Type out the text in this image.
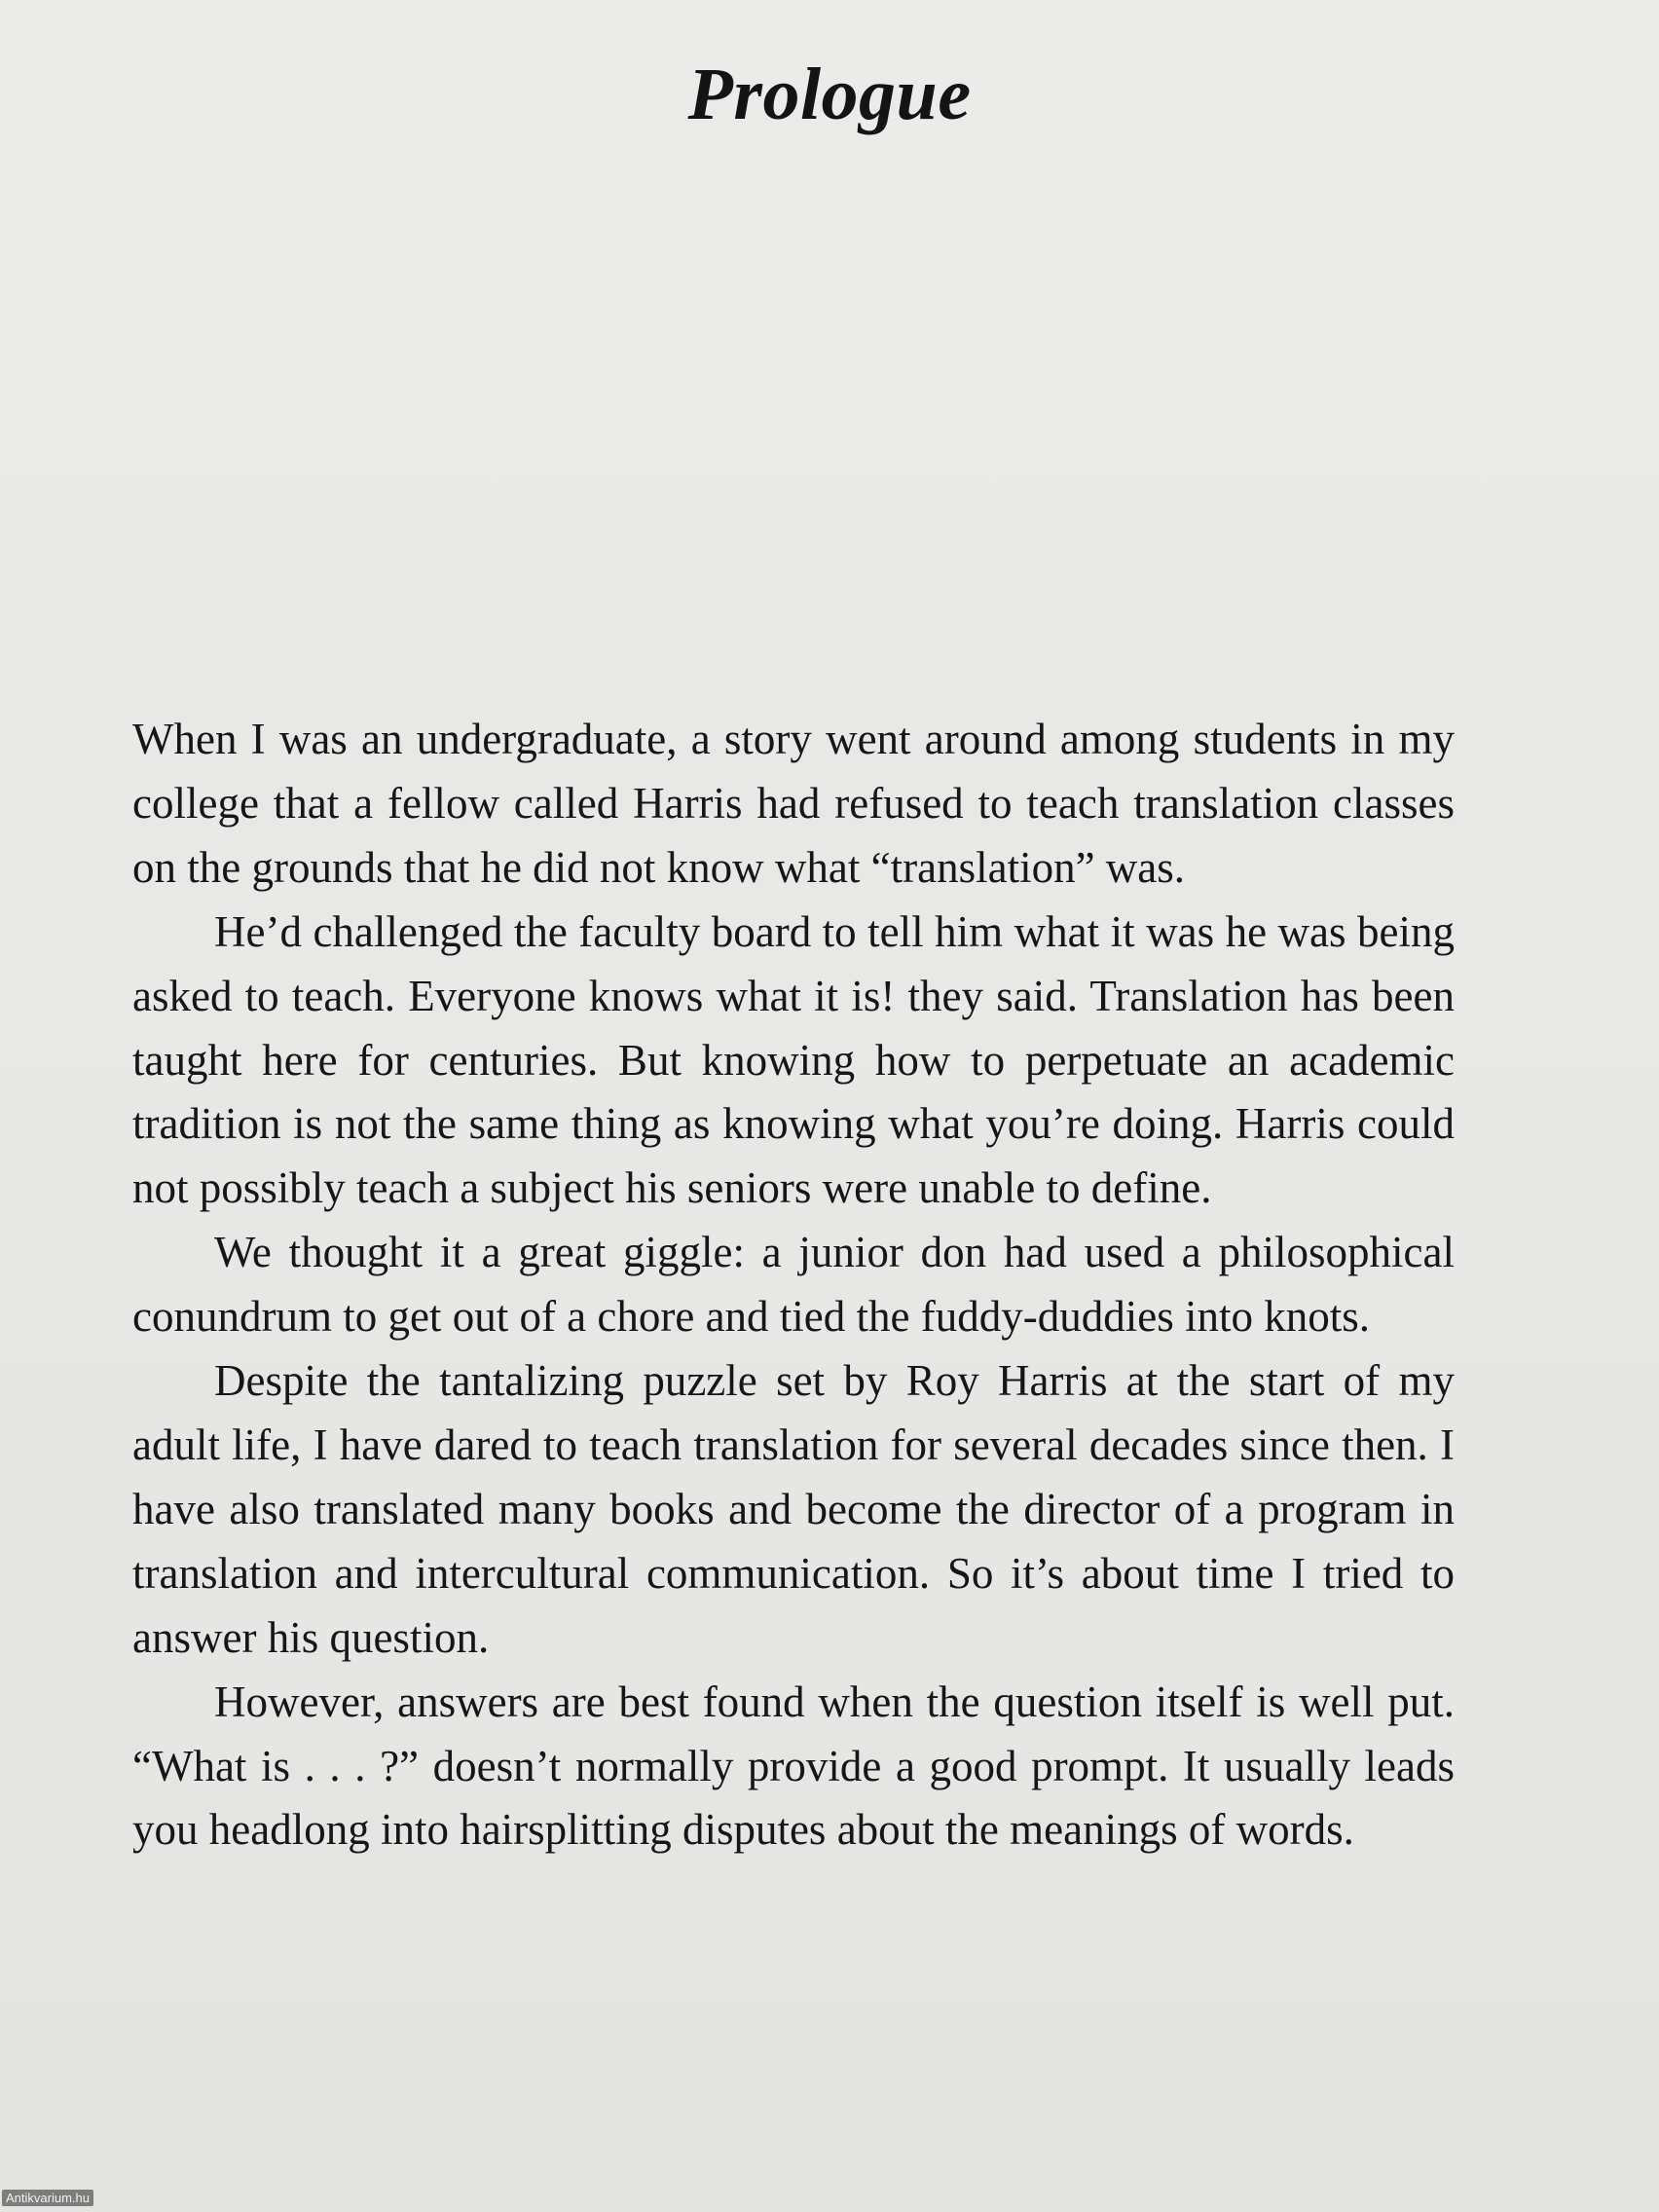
Prologue

When I was an undergraduate, a story went around among students in my college that a fellow called Harris had refused to teach translation classes on the grounds that he did not know what “translation” was.

He’d challenged the faculty board to tell him what it was he was being asked to teach. Everyone knows what it is! they said. Translation has been taught here for centuries. But knowing how to perpetuate an academic tradition is not the same thing as knowing what you’re doing. Harris could not possibly teach a subject his seniors were unable to define.

We thought it a great giggle: a junior don had used a philosophical conundrum to get out of a chore and tied the fuddy-duddies into knots.

Despite the tantalizing puzzle set by Roy Harris at the start of my adult life, I have dared to teach translation for several decades since then. I have also translated many books and become the director of a program in translation and intercultural communication. So it’s about time I tried to answer his question.

However, answers are best found when the question itself is well put. “What is . . . ?” doesn’t normally provide a good prompt. It usually leads you headlong into hairsplitting disputes about the meanings of words.

Antikvarium.hu
